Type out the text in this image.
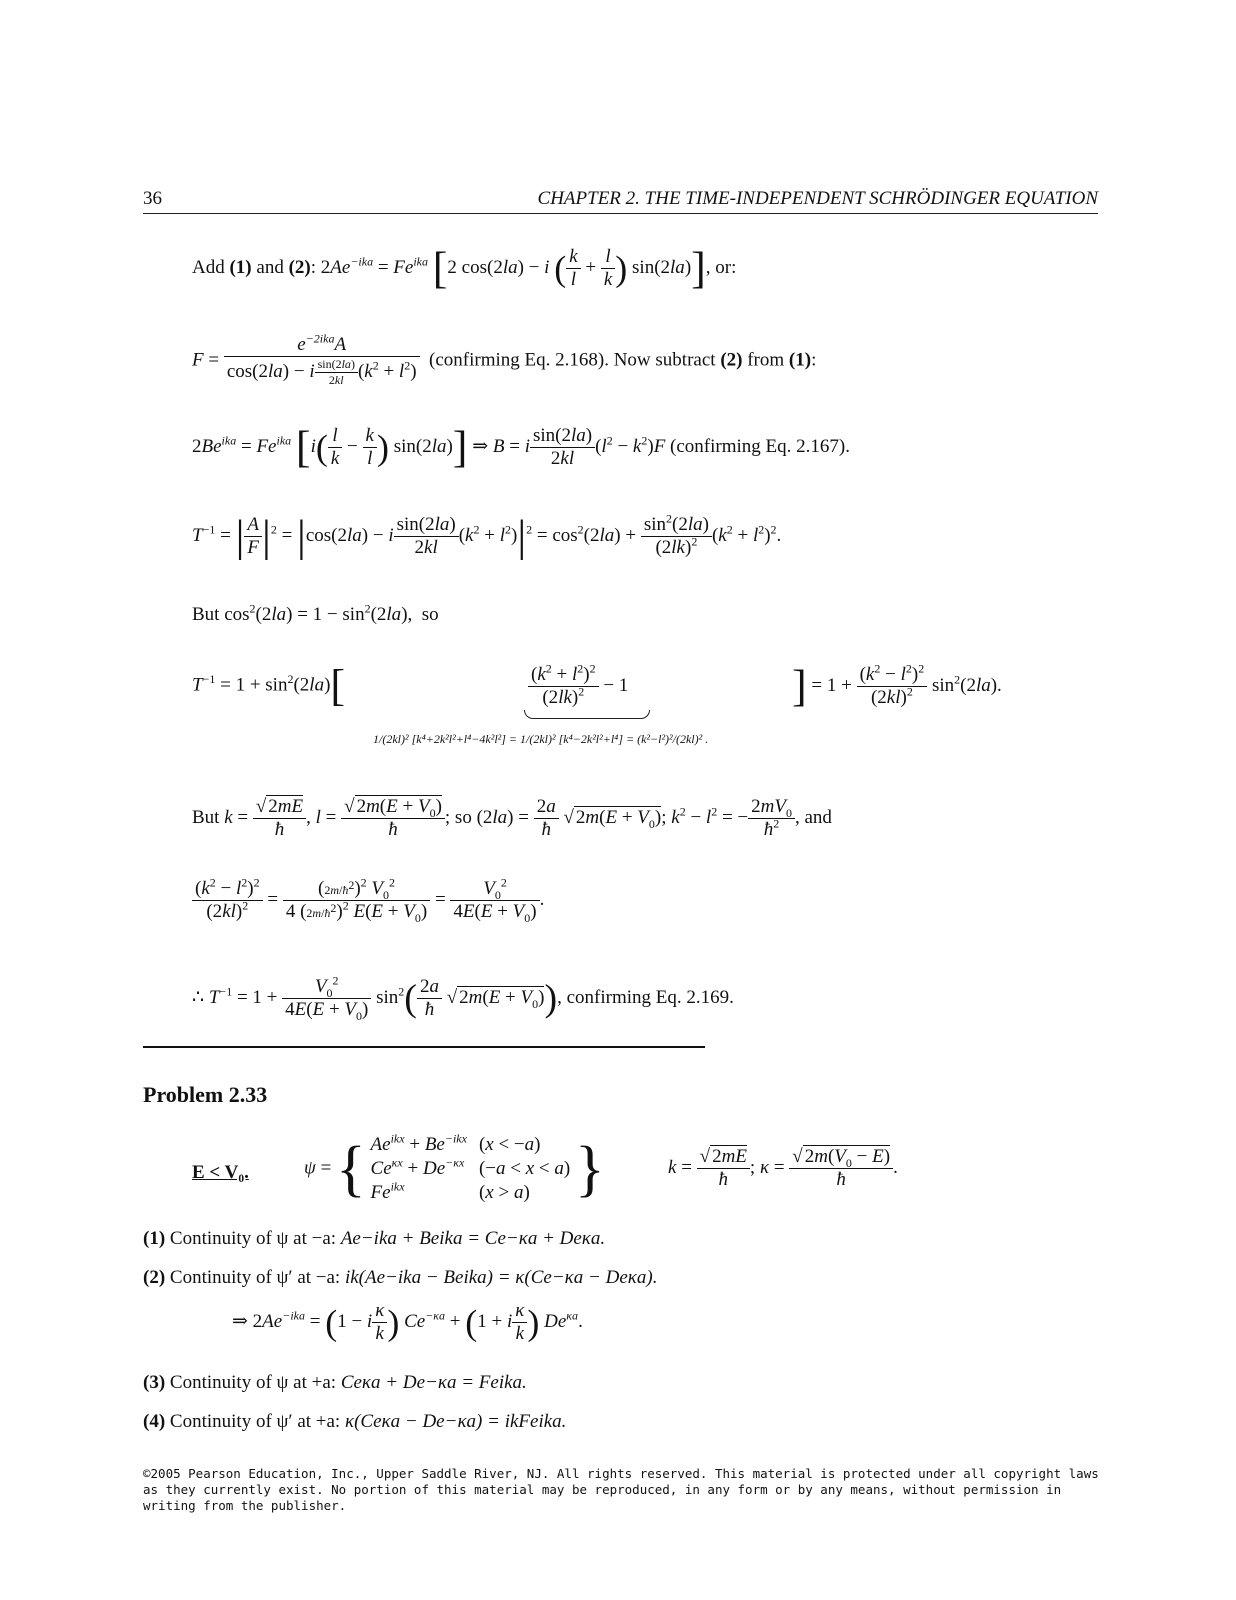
36	CHAPTER 2. THE TIME-INDEPENDENT SCHRÖDINGER EQUATION
Add (1) and (2): $2Ae^{-ika} = Fe^{ika}$ [2 cos(2la) − i ( $\frac{k}{l} + \frac{l}{k}$ ) sin(2la)], or:
$F = \frac{e^{-2ika}A}{\cos(2la) - i \frac{\sin(2la)}{2kl} (k^2 + l^2)}$ (confirming Eq. 2.168). Now subtract (2) from (1):
$2Be^{ika} = Fe^{ika}$ [$i( \frac{l}{k} - \frac{k}{l}$ ) sin(2la)] ⇒ B = i $\frac{\sin(2la)}{2kl} (l^2 - k^2)F$ (confirming Eq. 2.167).
$T^{-1}$ = | $\frac{A}{F} |^2 = |\cos(2la) - i \frac{\sin(2la)}{2kl} (k^2 + l^2)|^2 = \cos^2(2la) + \frac{\sin^2(2la)}{(2lk)^2} (k^2 + l^2)^2$.
But $\cos^2(2la) = 1 - \sin^2(2la)$,  so
$T^{-1} = 1 + \sin^2(2la)$[	$\frac{(k^2 + l^2)^2}{(2lk)^2} - 1$	] = $1 + \frac{(k^2 - l^2)^2}{(2kl)^2} \sin^2(2la)$.
1/(2kl)² [k⁴+2k²l²+l⁴−4k²l²] = 1/(2kl)² [k⁴−2k²l²+l⁴] = (k²−l²)²/(2kl)² .
But $k = \frac{√ 2mE}{ħ}$ , $l = \frac{√ 2m(E + V_0)}{ħ}$ ; so $(2la) = \frac{2a}{ħ}$ √ $2m(E + V_0)$; $k^2 - l^2$ = − $\frac{2mV_0}{ħ^2}$ , and
$\frac{(k^2 - l^2)^2}{(2kl)^2} = \frac{(2m/ħ2)^2 V_0^2}{4 (2m/ħ2)^2 E(E + V_0)} = \frac{V_0^2}{4E(E + V_0)}$ .
∴ $T^{-1} = 1 + \frac{V_0^2}{4E(E + V_0)} \sin^2( \frac{2a}{ħ}$ √ $2m(E + V_0)$), confirming Eq. 2.169.
Problem 2.33
E < V₀.	ψ = { $Ae^{ikx} + Be^{-ikx}$ (x < −a)
$Ce^{\kappa x} + De^{-\kappa x}$ (−a < x < a)
$Fe^{ikx}$	(x > a) }	$k = \frac{√ 2mE}{ħ}$ ; $\kappa = \frac{√ 2m(V_0 - E)}{ħ}$ .
(1) Continuity of ψ at −a: Ae−ika + Beika = Ce−κa + Deκa.
(2) Continuity of ψ′ at −a: ik(Ae−ika − Beika) = κ(Ce−κa − Deκa).
⇒ $2Ae^{-ika} = (1 - i \frac{\kappa}{k}$ ) $Ce^{-\kappa a} + (1 + i \frac{\kappa}{k}$ ) $De^{\kappa a}$.
(3) Continuity of ψ at +a: Ceκa + De−κa = Feika.
(4) Continuity of ψ′ at +a: κ(Ceκa − De−κa) = ikFeika.
©2005 Pearson Education, Inc., Upper Saddle River, NJ. All rights reserved. This material is protected under all copyright laws as they currently exist. No portion of this material may be reproduced, in any form or by any means, without permission in writing from the publisher.
